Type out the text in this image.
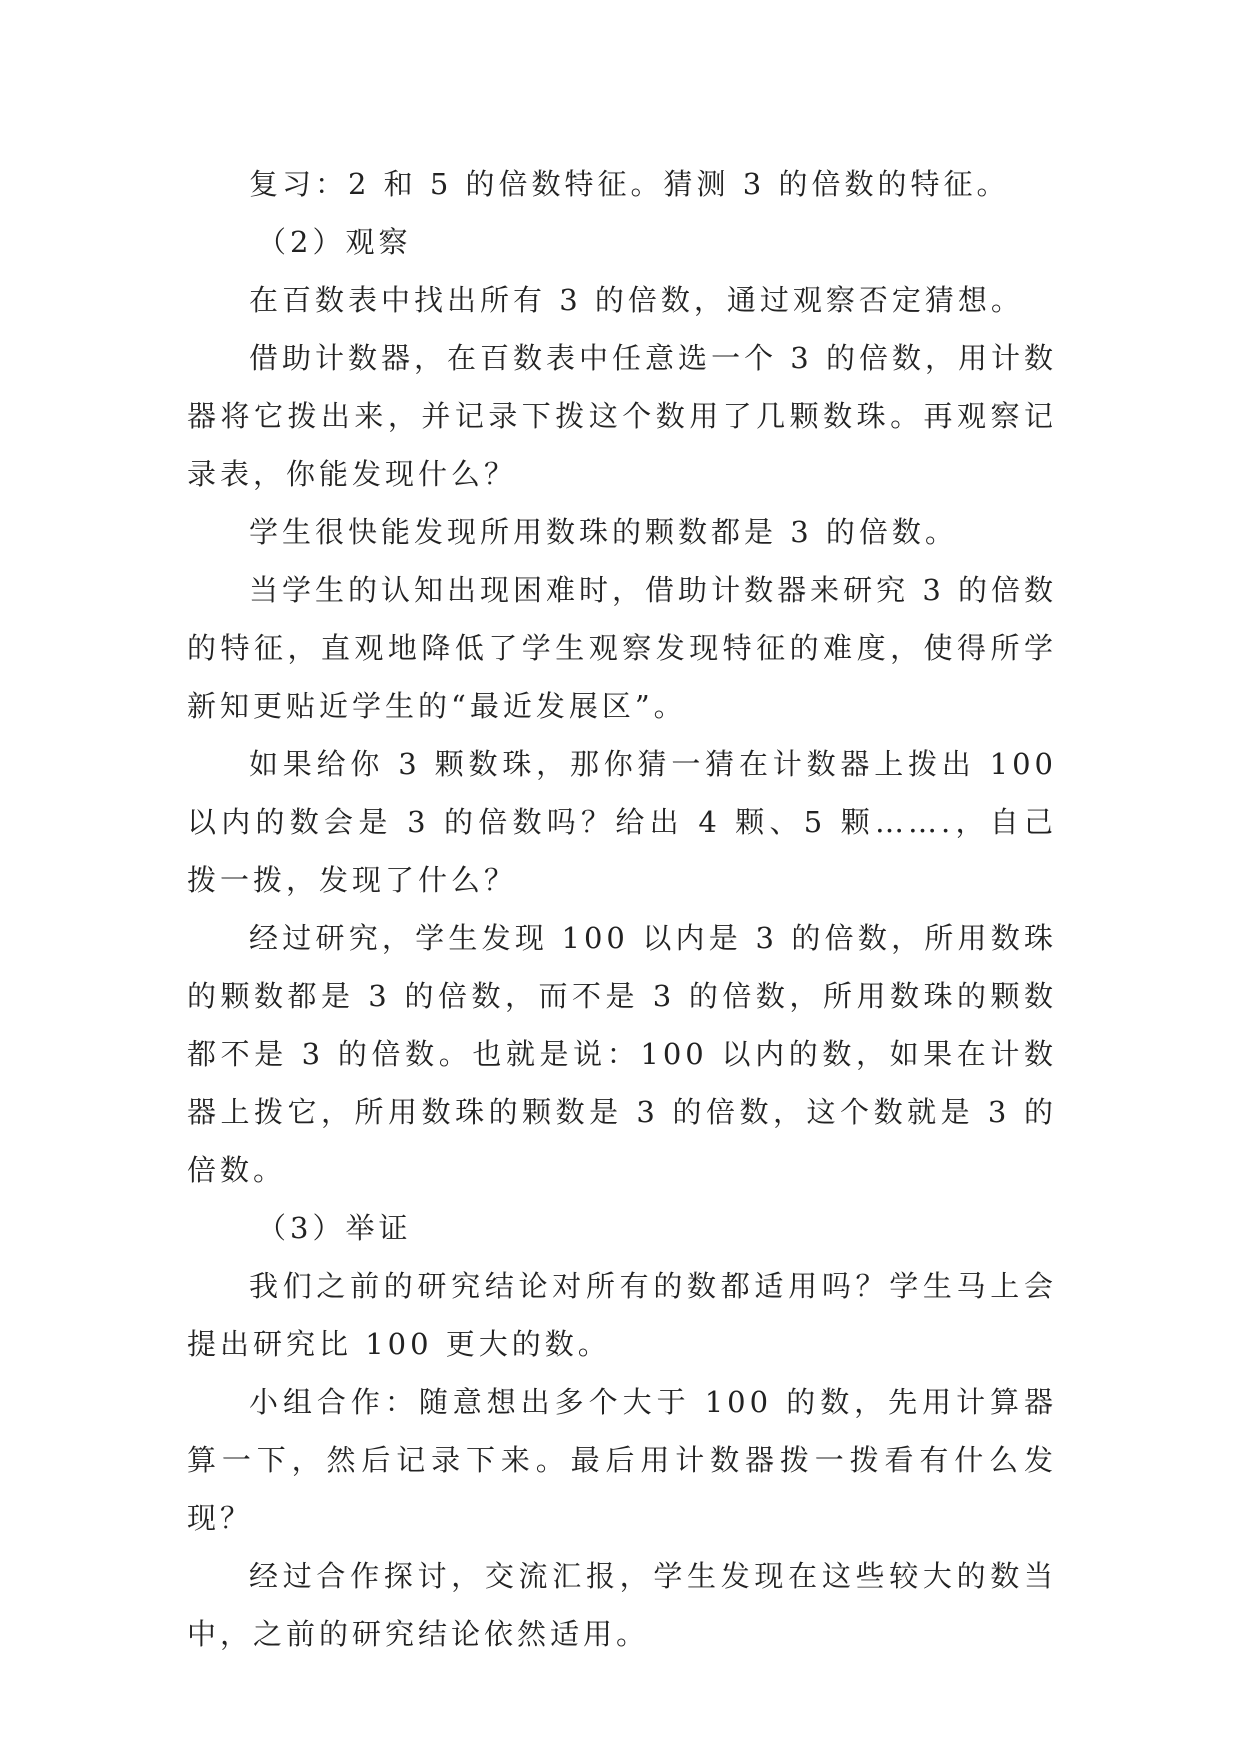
复习：2 和 5 的倍数特征。猜测 3 的倍数的特征。

（2）观察

在百数表中找出所有 3 的倍数，通过观察否定猜想。

借助计数器，在百数表中任意选一个 3 的倍数，用计数器将它拨出来，并记录下拨这个数用了几颗数珠。再观察记录表，你能发现什么？

学生很快能发现所用数珠的颗数都是 3 的倍数。

当学生的认知出现困难时，借助计数器来研究 3 的倍数的特征，直观地降低了学生观察发现特征的难度，使得所学新知更贴近学生的“最近发展区”。

如果给你 3 颗数珠，那你猜一猜在计数器上拨出 100 以内的数会是 3 的倍数吗？给出 4 颗、5 颗…….，自己拨一拨，发现了什么？

经过研究，学生发现 100 以内是 3 的倍数，所用数珠的颗数都是 3 的倍数，而不是 3 的倍数，所用数珠的颗数都不是 3 的倍数。也就是说：100 以内的数，如果在计数器上拨它，所用数珠的颗数是 3 的倍数，这个数就是 3 的倍数。

（3）举证

我们之前的研究结论对所有的数都适用吗？学生马上会提出研究比 100 更大的数。

小组合作：随意想出多个大于 100 的数，先用计算器算一下，然后记录下来。最后用计数器拨一拨看有什么发现？

经过合作探讨，交流汇报，学生发现在这些较大的数当中，之前的研究结论依然适用。
